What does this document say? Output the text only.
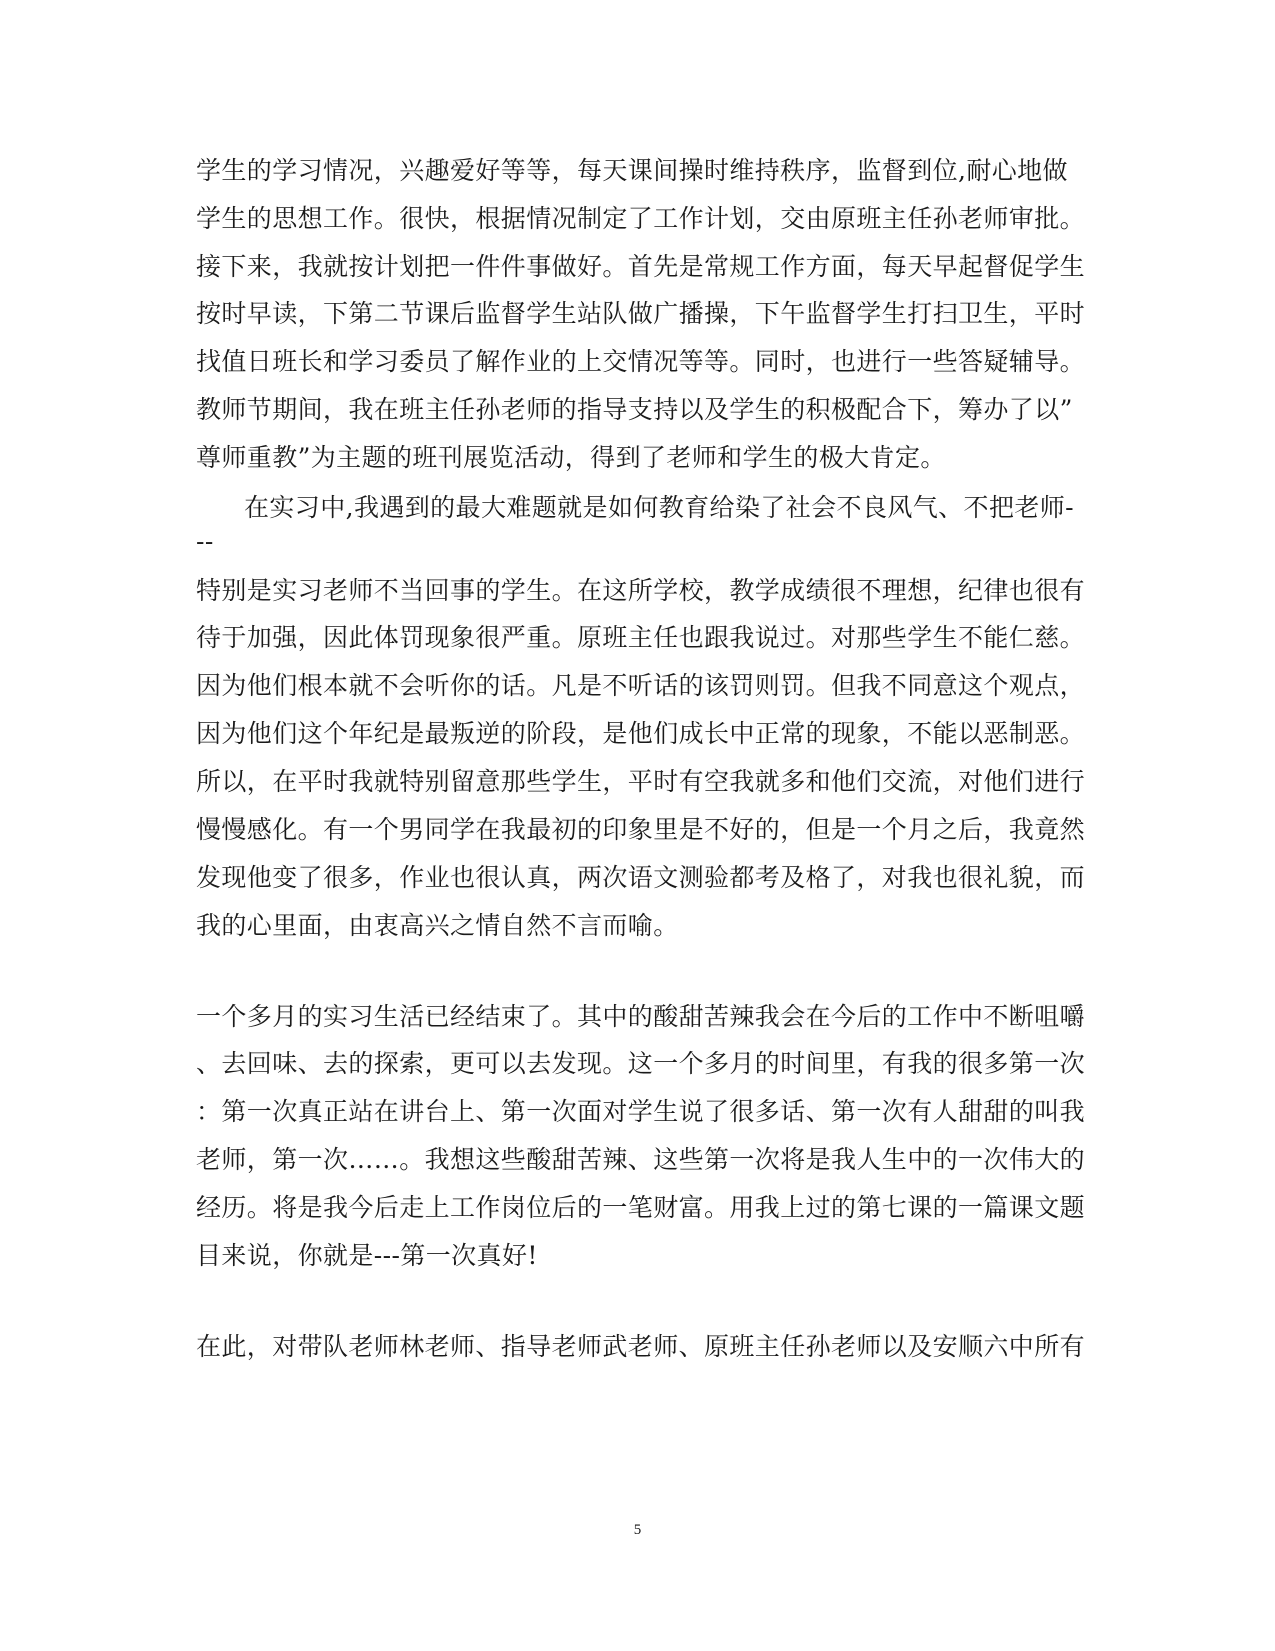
学生的学习情况，兴趣爱好等等，每天课间操时维持秩序，监督到位,耐心地做
学生的思想工作。很快，根据情况制定了工作计划，交由原班主任孙老师审批。
接下来，我就按计划把一件件事做好。首先是常规工作方面，每天早起督促学生
按时早读，下第二节课后监督学生站队做广播操，下午监督学生打扫卫生，平时
找值日班长和学习委员了解作业的上交情况等等。同时，也进行一些答疑辅导。
教师节期间，我在班主任孙老师的指导支持以及学生的积极配合下，筹办了以”
尊师重教”为主题的班刊展览活动，得到了老师和学生的极大肯定。
在实习中,我遇到的最大难题就是如何教育给染了社会不良风气、不把老师-
--
特别是实习老师不当回事的学生。在这所学校，教学成绩很不理想，纪律也很有
待于加强，因此体罚现象很严重。原班主任也跟我说过。对那些学生不能仁慈。
因为他们根本就不会听你的话。凡是不听话的该罚则罚。但我不同意这个观点，
因为他们这个年纪是最叛逆的阶段，是他们成长中正常的现象，不能以恶制恶。
所以，在平时我就特别留意那些学生，平时有空我就多和他们交流，对他们进行
慢慢感化。有一个男同学在我最初的印象里是不好的，但是一个月之后，我竟然
发现他变了很多，作业也很认真，两次语文测验都考及格了，对我也很礼貌，而
我的心里面，由衷高兴之情自然不言而喻。
一个多月的实习生活已经结束了。其中的酸甜苦辣我会在今后的工作中不断咀嚼
、去回味、去的探索，更可以去发现。这一个多月的时间里，有我的很多第一次
：第一次真正站在讲台上、第一次面对学生说了很多话、第一次有人甜甜的叫我
老师，第一次……。我想这些酸甜苦辣、这些第一次将是我人生中的一次伟大的
经历。将是我今后走上工作岗位后的一笔财富。用我上过的第七课的一篇课文题
目来说，你就是---第一次真好!
在此，对带队老师林老师、指导老师武老师、原班主任孙老师以及安顺六中所有
5
